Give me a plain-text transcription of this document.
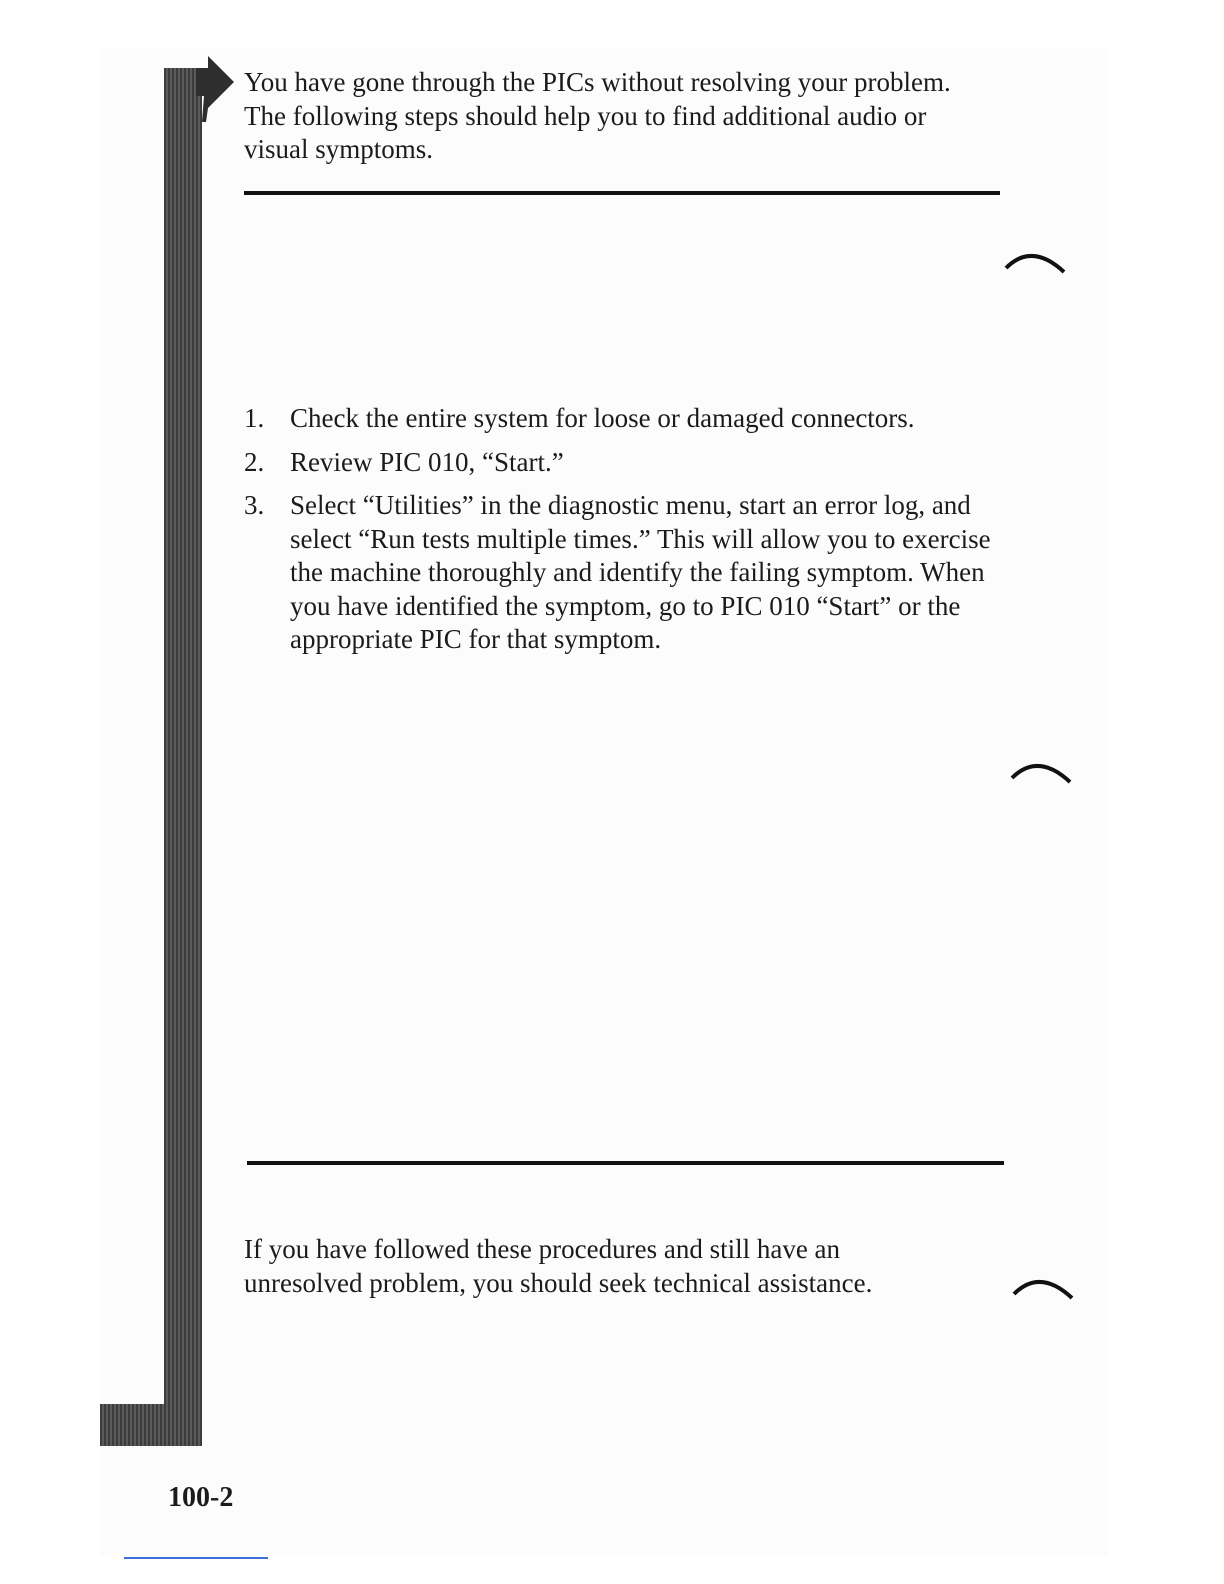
You have gone through the PICs without resolving your problem. The following steps should help you to find additional audio or visual symptoms.

1. Check the entire system for loose or damaged connectors.
2. Review PIC 010, “Start.”
3. Select “Utilities” in the diagnostic menu, start an error log, and select “Run tests multiple times.” This will allow you to exercise the machine thoroughly and identify the failing symptom. When you have identified the symptom, go to PIC 010 “Start” or the appropriate PIC for that symptom.

If you have followed these procedures and still have an unresolved problem, you should seek technical assistance.

100-2
